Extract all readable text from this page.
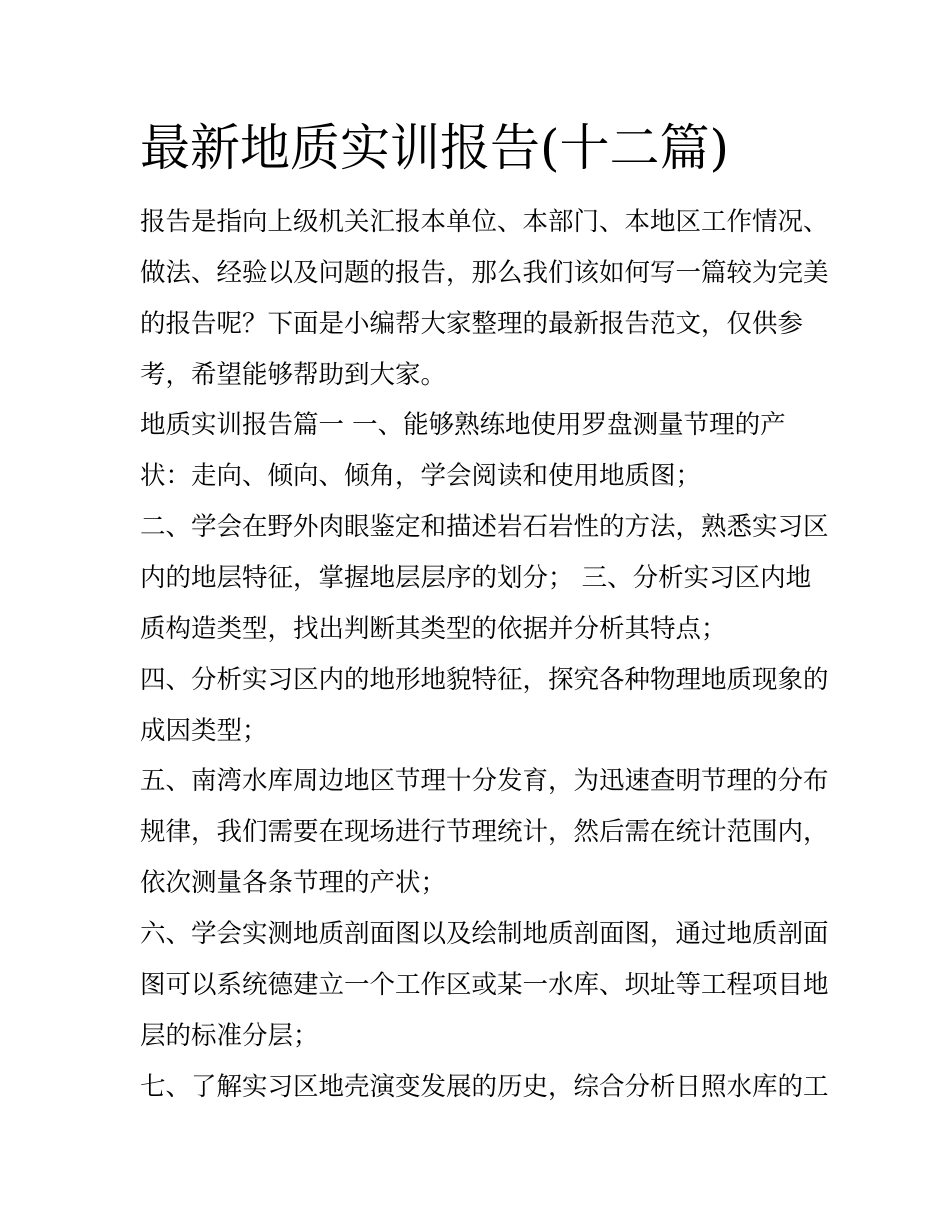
最新地质实训报告(十二篇)

报告是指向上级机关汇报本单位、本部门、本地区工作情况、

做法、经验以及问题的报告，那么我们该如何写一篇较为完美

的报告呢？下面是小编帮大家整理的最新报告范文，仅供参

考，希望能够帮助到大家。

地质实训报告篇一 一、能够熟练地使用罗盘测量节理的产

状：走向、倾向、倾角，学会阅读和使用地质图；

二、学会在野外肉眼鉴定和描述岩石岩性的方法，熟悉实习区

内的地层特征，掌握地层层序的划分； 三、分析实习区内地

质构造类型，找出判断其类型的依据并分析其特点；

四、分析实习区内的地形地貌特征，探究各种物理地质现象的

成因类型；

五、南湾水库周边地区节理十分发育，为迅速查明节理的分布

规律，我们需要在现场进行节理统计，然后需在统计范围内，

依次测量各条节理的产状；

六、学会实测地质剖面图以及绘制地质剖面图，通过地质剖面

图可以系统德建立一个工作区或某一水库、坝址等工程项目地

层的标准分层；

七、了解实习区地壳演变发展的历史，综合分析日照水库的工
